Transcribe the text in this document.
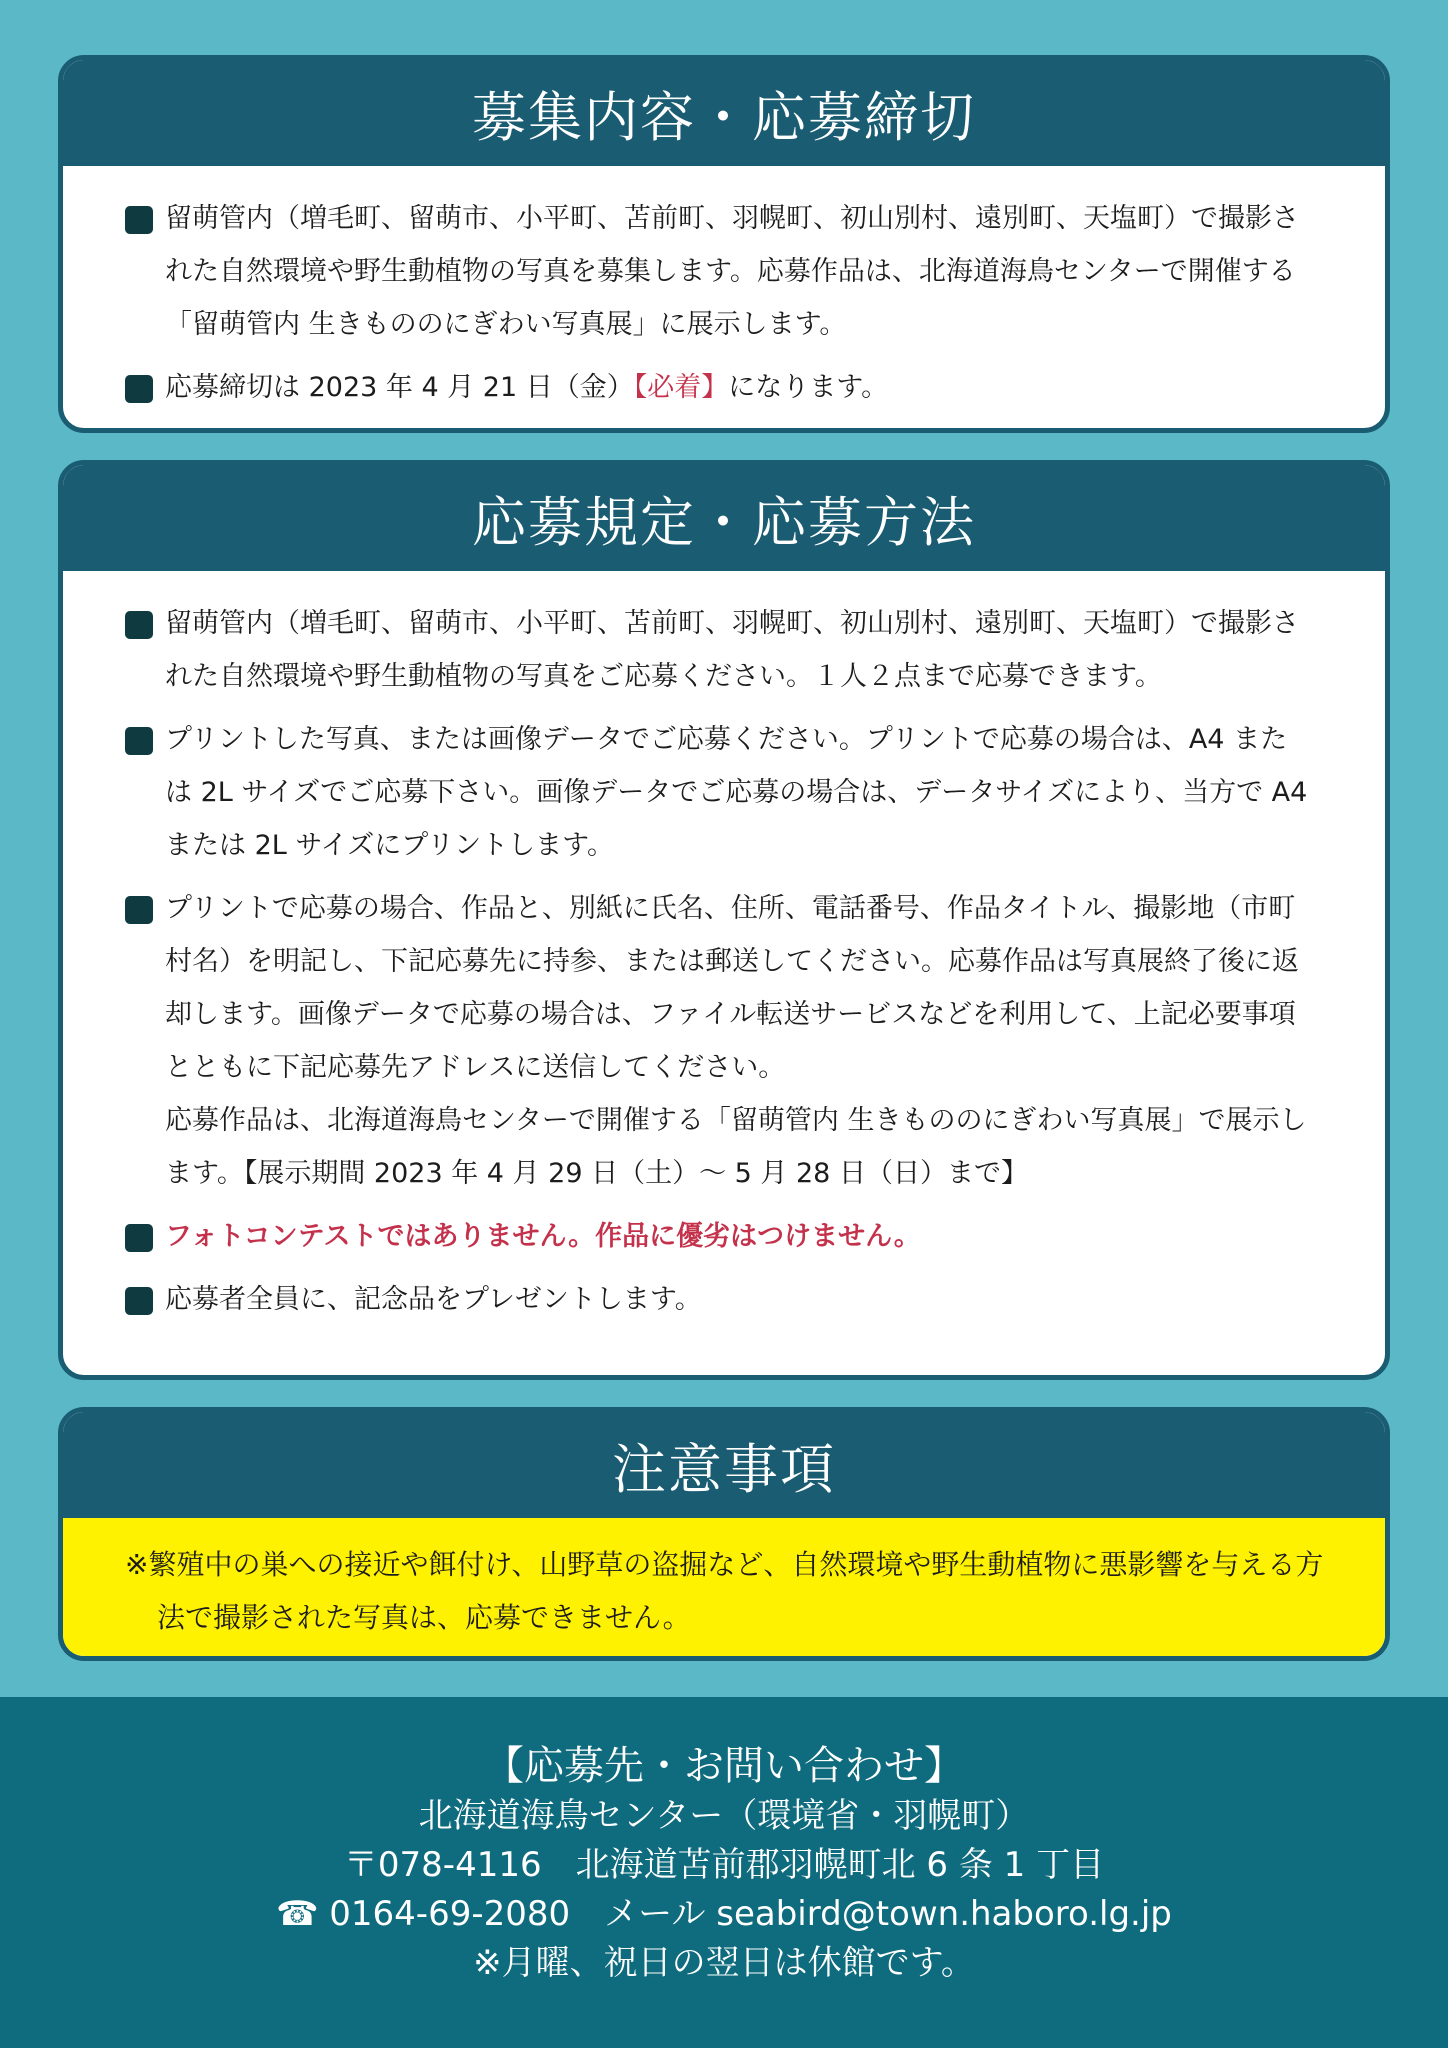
募集内容・応募締切
留萌管内（増毛町、留萌市、小平町、苫前町、羽幌町、初山別村、遠別町、天塩町）で撮影された自然環境や野生動植物の写真を募集します。応募作品は、北海道海鳥センターで開催する「留萌管内 生きもののにぎわい写真展」に展示します。
応募締切は 2023 年 4 月 21 日（金）【必着】になります。
応募規定・応募方法
留萌管内（増毛町、留萌市、小平町、苫前町、羽幌町、初山別村、遠別町、天塩町）で撮影された自然環境や野生動植物の写真をご応募ください。１人２点まで応募できます。
プリントした写真、または画像データでご応募ください。プリントで応募の場合は、A4 または 2L サイズでご応募下さい。画像データでご応募の場合は、データサイズにより、当方で A4 または 2L サイズにプリントします。
プリントで応募の場合、作品と、別紙に氏名、住所、電話番号、作品タイトル、撮影地（市町村名）を明記し、下記応募先に持参、または郵送してください。応募作品は写真展終了後に返却します。画像データで応募の場合は、ファイル転送サービスなどを利用して、上記必要事項とともに下記応募先アドレスに送信してください。
応募作品は、北海道海鳥センターで開催する「留萌管内 生きもののにぎわい写真展」で展示します。【展示期間 2023 年 4 月 29 日（土）～ 5 月 28 日（日）まで】
フォトコンテストではありません。作品に優劣はつけません。
応募者全員に、記念品をプレゼントします。
注意事項
※繁殖中の巣への接近や餌付け、山野草の盗掘など、自然環境や野生動植物に悪影響を与える方法で撮影された写真は、応募できません。
【応募先・お問い合わせ】
北海道海鳥センター（環境省・羽幌町）
〒078-4116　北海道苫前郡羽幌町北 6 条 1 丁目
☎ 0164-69-2080　メール seabird@town.haboro.lg.jp
※月曜、祝日の翌日は休館です。
